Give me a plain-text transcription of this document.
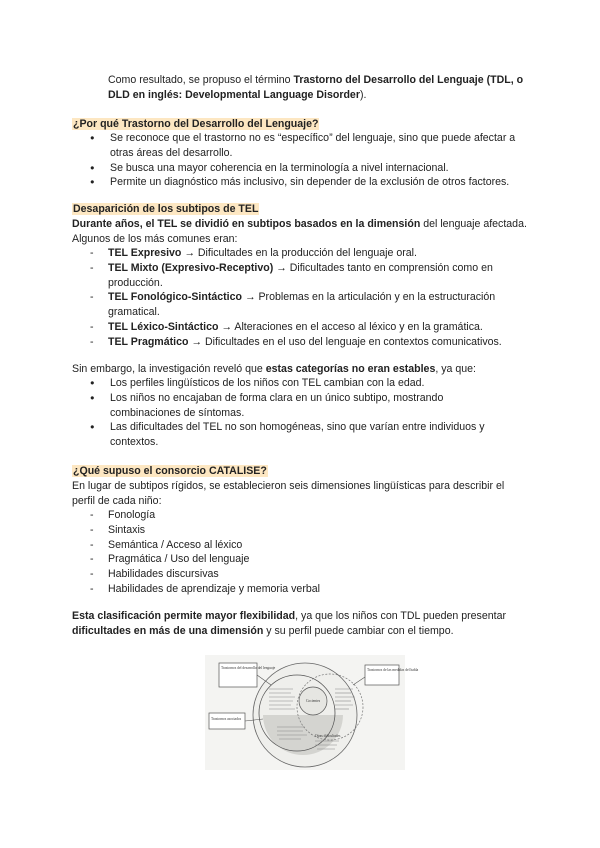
Como resultado, se propuso el término Trastorno del Desarrollo del Lenguaje (TDL, o DLD en inglés: Developmental Language Disorder).

¿Por qué Trastorno del Desarrollo del Lenguaje?
● Se reconoce que el trastorno no es “específico” del lenguaje, sino que puede afectar a otras áreas del desarrollo.
● Se busca una mayor coherencia en la terminología a nivel internacional.
● Permite un diagnóstico más inclusivo, sin depender de la exclusión de otros factores.
Desaparición de los subtipos de TEL

Durante años, el TEL se dividió en subtipos basados en la dimensión del lenguaje afectada. Algunos de los más comunes eran:

- TEL Expresivo → Dificultades en la producción del lenguaje oral.
- TEL Mixto (Expresivo-Receptivo) → Dificultades tanto en comprensión como en producción.
- TEL Fonológico-Sintáctico → Problemas en la articulación y en la estructuración gramatical.
- TEL Léxico-Sintáctico → Alteraciones en el acceso al léxico y en la gramática.
- TEL Pragmático → Dificultades en el uso del lenguaje en contextos comunicativos.

Sin embargo, la investigación reveló que estas categorías no eran estables, ya que:

● Los perfiles lingüísticos de los niños con TEL cambian con la edad.
● Los niños no encajaban de forma clara en un único subtipo, mostrando combinaciones de síntomas.
● Las dificultades del TEL no son homogéneas, sino que varían entre individuos y contextos.
¿Qué supuso el consorcio CATALISE?

En lugar de subtipos rígidos, se establecieron seis dimensiones lingüísticas para describir el perfil de cada niño:

- Fonología
- Sintaxis
- Semántica / Acceso al léxico
- Pragmática / Uso del lenguaje
- Habilidades discursivas
- Habilidades de aprendizaje y memoria verbal

Esta clasificación permite mayor flexibilidad, ya que los niños con TDL pueden presentar dificultades en más de una dimensión y su perfil puede cambiar con el tiempo.

Trastornos del desarrollo del lenguaje
Trastornos asociados
Cocientes
Trastornos de las medidas del habla
Otras dificultades
